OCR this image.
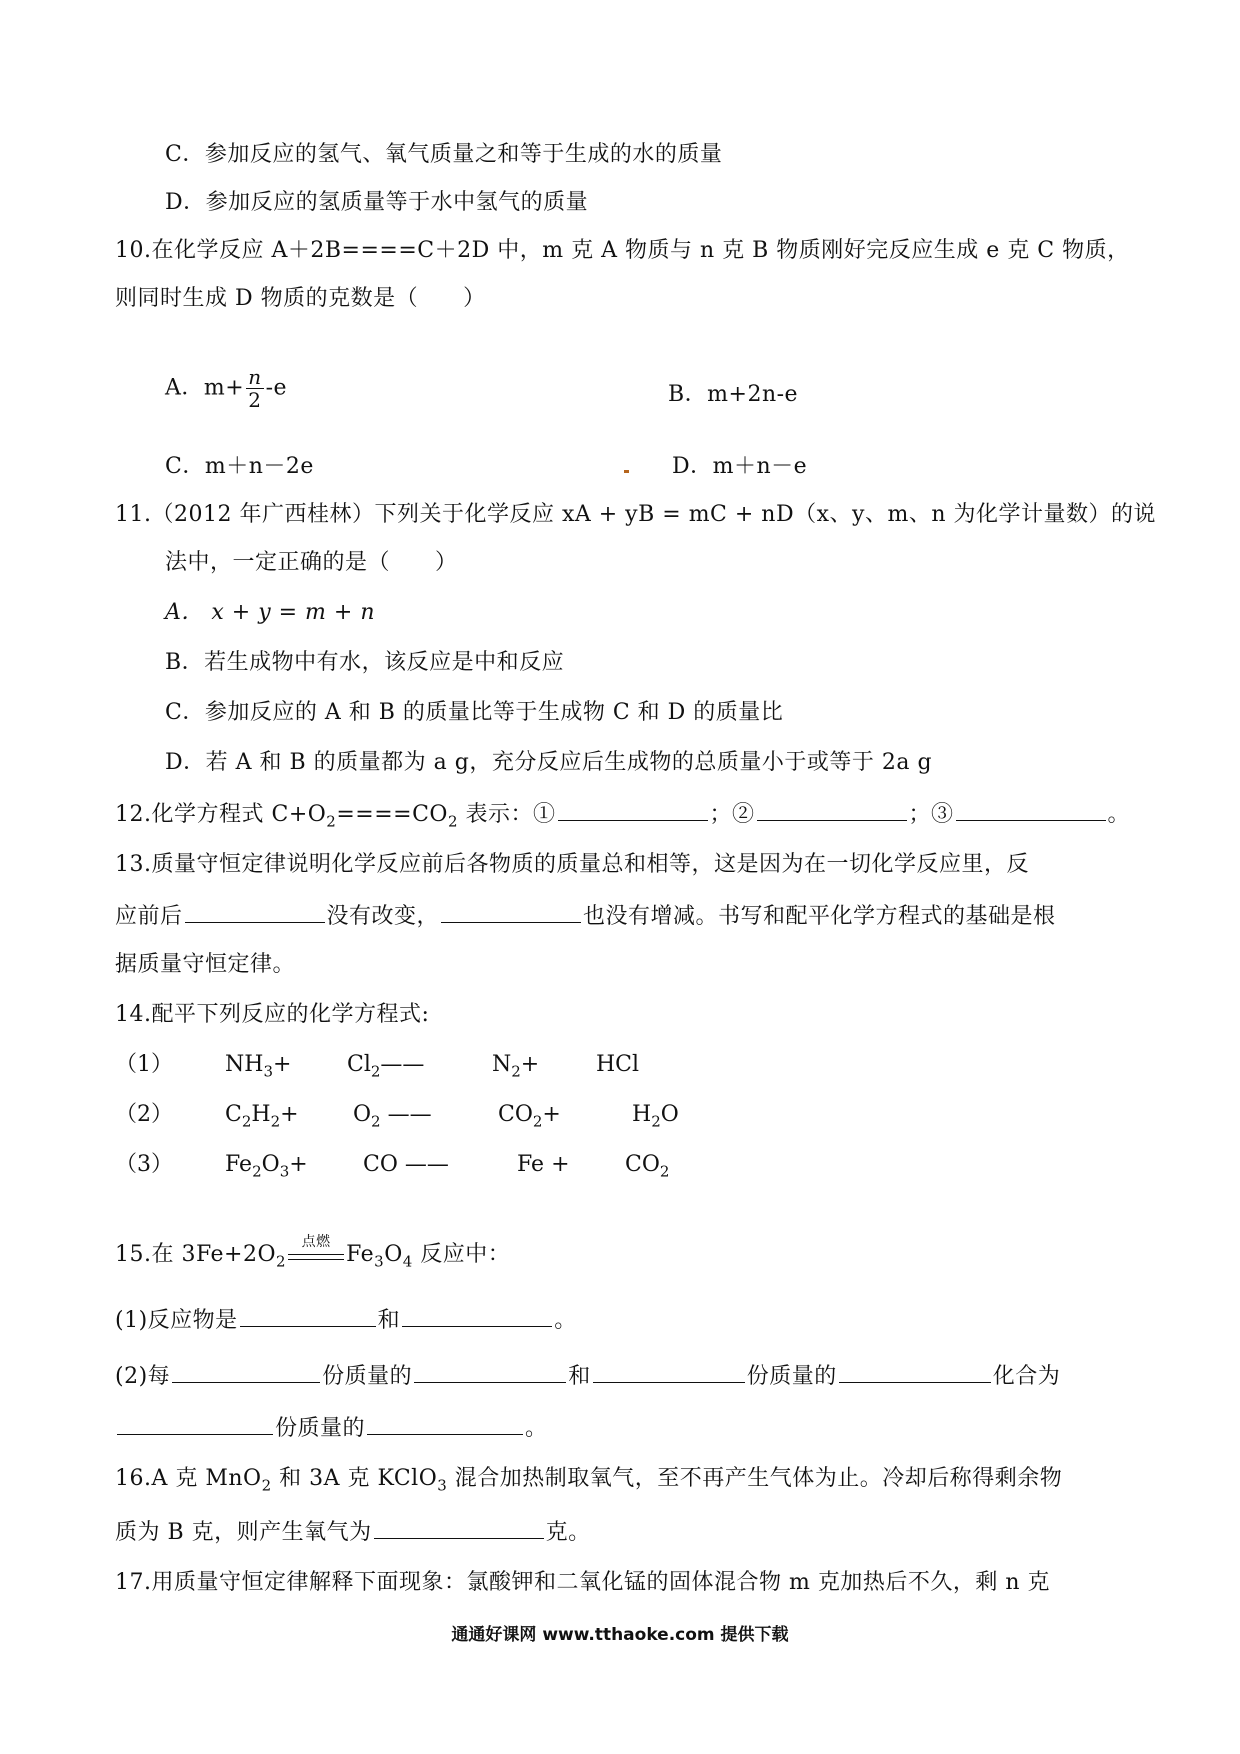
C．参加反应的氢气、氧气质量之和等于生成的水的质量
D．参加反应的氢质量等于水中氢气的质量
10.在化学反应 A＋2B====C＋2D 中，m 克 A 物质与 n 克 B 物质刚好完反应生成 e 克 C 物质，
则同时生成 D 物质的克数是（　　）
A．$m+ \frac{n}{2} -e$	B．m+2n-e
C．m＋n－2e	D．m＋n－e
11.（2012 年广西桂林）下列关于化学反应 xA + yB = mC + nD（x、y、m、n 为化学计量数）的说
法中，一定正确的是（　　）
A． x + y = m + n
B．若生成物中有水，该反应是中和反应
C．参加反应的 A 和 B 的质量比等于生成物 C 和 D 的质量比
D．若 A 和 B 的质量都为 a g，充分反应后生成物的总质量小于或等于 2a g
12.化学方程式 $C+O_2====CO_2$ 表示：①	；②	；③	。
13.质量守恒定律说明化学反应前后各物质的质量总和相等，这是因为在一切化学反应里，反
应前后	没有改变，	也没有增减。书写和配平化学方程式的基础是根
据质量守恒定律。
14.配平下列反应的化学方程式:
（1） $NH_3+$	$Cl_2——$	$N_2+$	HCl
（2） $C_2H_2+ O_2$ ——	$CO_2+$	$H_2O$
（3） $Fe_2O_3+$	CO ——	Fe +	$CO_2$
15.在 $3Fe+2O_2$
点燃 $Fe_3O_4$ 反应中：
(1)反应物是	和	。
(2)每	份质量的	和	份质量的	化合为
份质量的	。
16.A 克 MnO$_2$ 和 3A 克 KClO$_3$ 混合加热制取氧气，至不再产生气体为止。冷却后称得剩余物
质为 B 克，则产生氧气为	克。
17.用质量守恒定律解释下面现象：氯酸钾和二氧化锰的固体混合物 m 克加热后不久，剩 n 克
通通好课网 www.tthaoke.com 提供下载
